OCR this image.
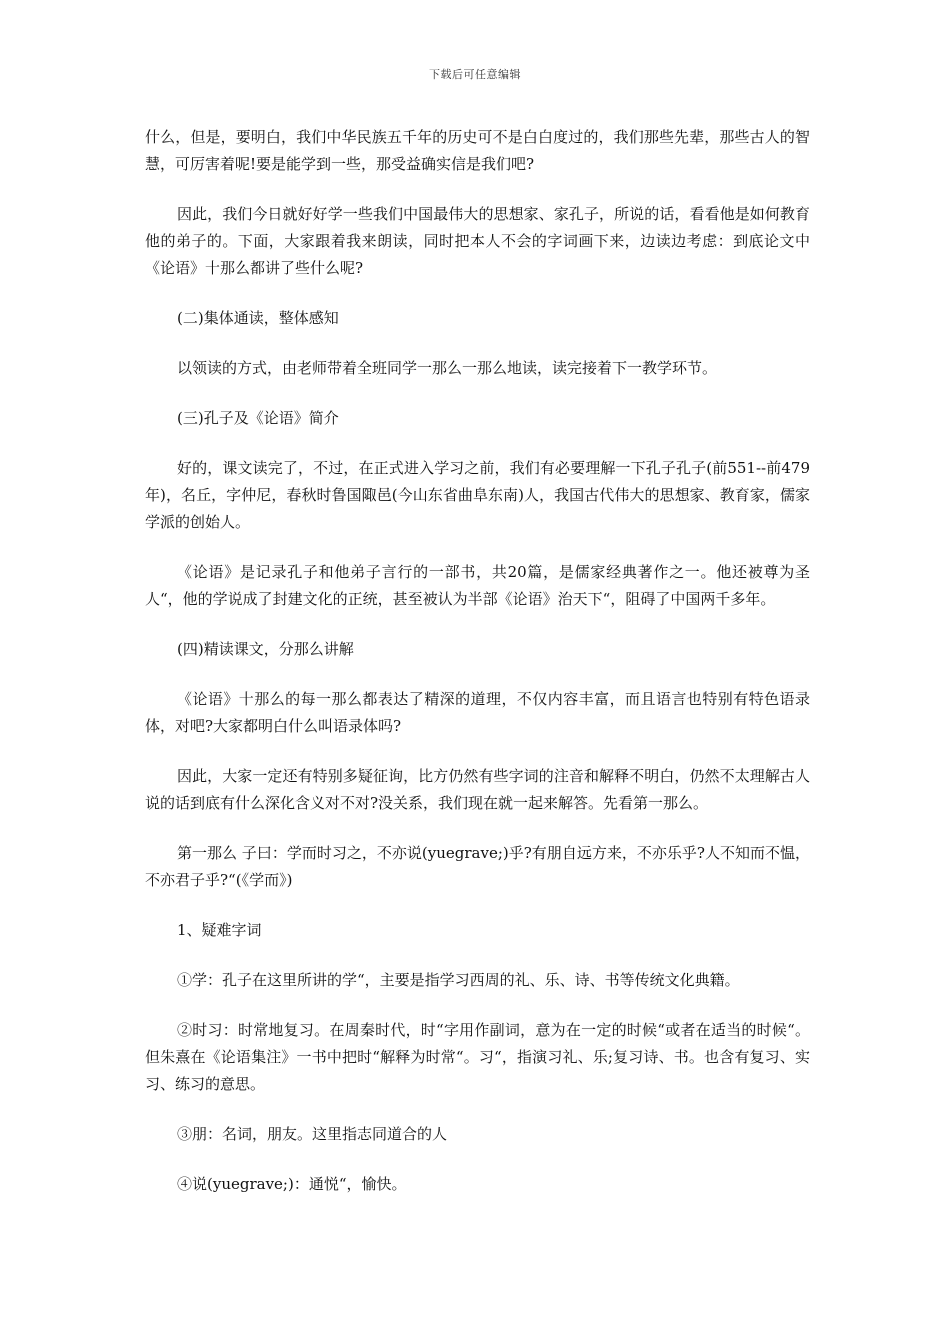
下载后可任意编辑

什么，但是，要明白，我们中华民族五千年的历史可不是白白度过的，我们那些先辈，那些古人的智慧，可厉害着呢!要是能学到一些，那受益确实信是我们吧?

因此，我们今日就好好学一些我们中国最伟大的思想家、家孔子，所说的话，看看他是如何教育他的弟子的。下面，大家跟着我来朗读，同时把本人不会的字词画下来，边读边考虑：到底论文中《论语》十那么都讲了些什么呢?

(二)集体通读，整体感知

以领读的方式，由老师带着全班同学一那么一那么地读，读完接着下一教学环节。

(三)孔子及《论语》简介

好的，课文读完了，不过，在正式进入学习之前，我们有必要理解一下孔子孔子(前551--前479年)，名丘，字仲尼，春秋时鲁国陬邑(今山东省曲阜东南)人，我国古代伟大的思想家、教育家，儒家学派的创始人。

《论语》是记录孔子和他弟子言行的一部书，共20篇，是儒家经典著作之一。他还被尊为圣人“，他的学说成了封建文化的正统，甚至被认为半部《论语》治天下“，阻碍了中国两千多年。

(四)精读课文，分那么讲解

《论语》十那么的每一那么都表达了精深的道理，不仅内容丰富，而且语言也特别有特色语录体，对吧?大家都明白什么叫语录体吗?

因此，大家一定还有特别多疑征询，比方仍然有些字词的注音和解释不明白，仍然不太理解古人说的话到底有什么深化含义对不对?没关系，我们现在就一起来解答。先看第一那么。

第一那么 子曰：学而时习之，不亦说(yuegrave;)乎?有朋自远方来，不亦乐乎?人不知而不愠，不亦君子乎?“(《学而》)

1、疑难字词

①学：孔子在这里所讲的学“，主要是指学习西周的礼、乐、诗、书等传统文化典籍。

②时习：时常地复习。在周秦时代，时“字用作副词，意为在一定的时候“或者在适当的时候“。但朱熹在《论语集注》一书中把时“解释为时常“。习“，指演习礼、乐;复习诗、书。也含有复习、实习、练习的意思。

③朋：名词，朋友。这里指志同道合的人

④说(yuegrave;)：通悦“，愉快。
